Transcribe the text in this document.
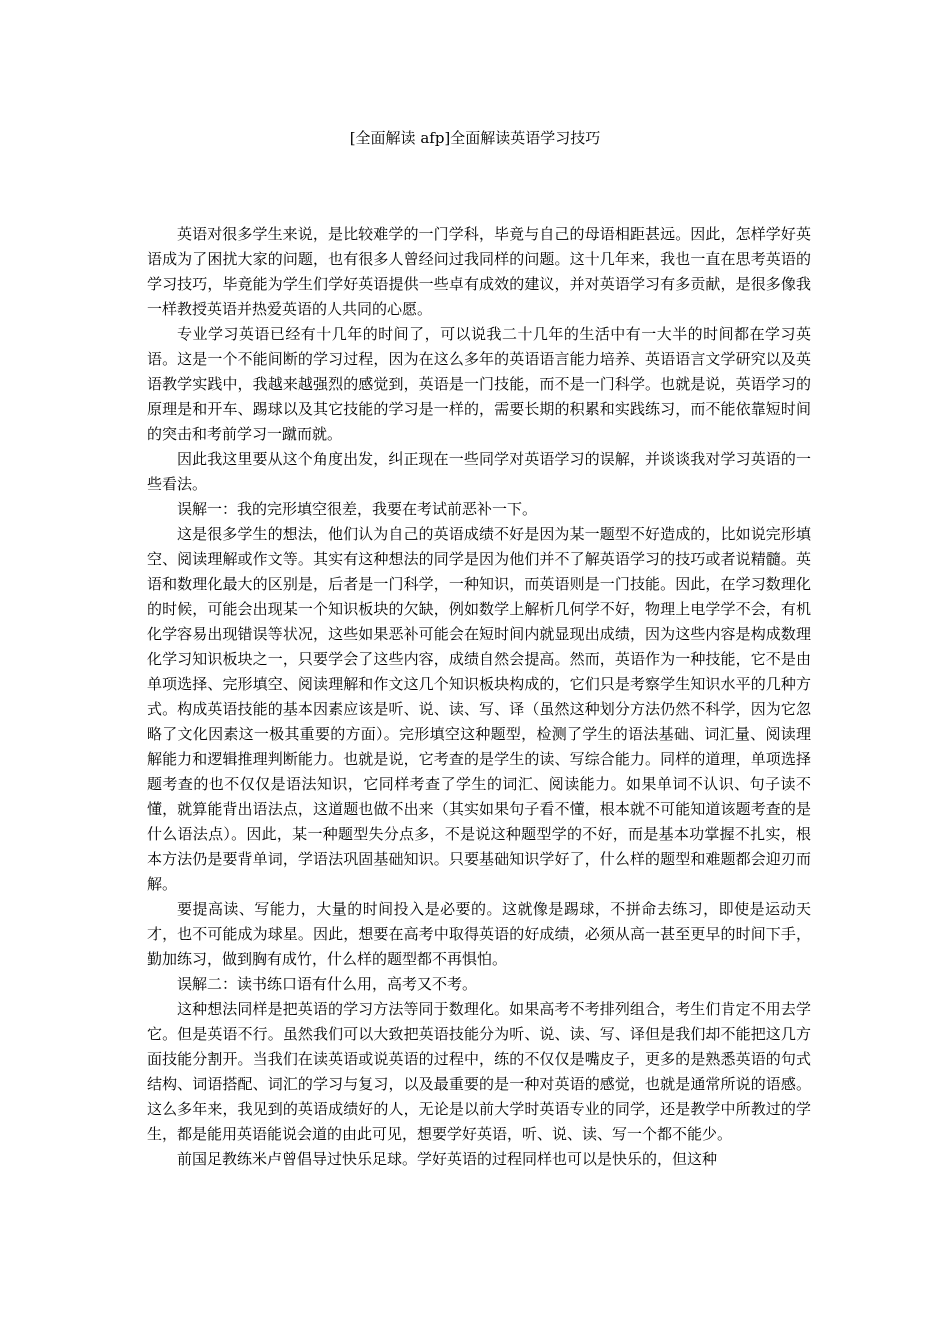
[全面解读 afp]全面解读英语学习技巧

英语对很多学生来说，是比较难学的一门学科，毕竟与自己的母语相距甚远。因此，怎样学好英语成为了困扰大家的问题，也有很多人曾经问过我同样的问题。这十几年来，我也一直在思考英语的学习技巧，毕竟能为学生们学好英语提供一些卓有成效的建议，并对英语学习有多贡献，是很多像我一样教授英语并热爱英语的人共同的心愿。

专业学习英语已经有十几年的时间了，可以说我二十几年的生活中有一大半的时间都在学习英语。这是一个不能间断的学习过程，因为在这么多年的英语语言能力培养、英语语言文学研究以及英语教学实践中，我越来越强烈的感觉到，英语是一门技能，而不是一门科学。也就是说，英语学习的原理是和开车、踢球以及其它技能的学习是一样的，需要长期的积累和实践练习，而不能依靠短时间的突击和考前学习一蹴而就。

因此我这里要从这个角度出发，纠正现在一些同学对英语学习的误解，并谈谈我对学习英语的一些看法。

误解一：我的完形填空很差，我要在考试前恶补一下。

这是很多学生的想法，他们认为自己的英语成绩不好是因为某一题型不好造成的，比如说完形填空、阅读理解或作文等。其实有这种想法的同学是因为他们并不了解英语学习的技巧或者说精髓。英语和数理化最大的区别是，后者是一门科学，一种知识，而英语则是一门技能。因此，在学习数理化的时候，可能会出现某一个知识板块的欠缺，例如数学上解析几何学不好，物理上电学学不会，有机化学容易出现错误等状况，这些如果恶补可能会在短时间内就显现出成绩，因为这些内容是构成数理化学习知识板块之一，只要学会了这些内容，成绩自然会提高。然而，英语作为一种技能，它不是由单项选择、完形填空、阅读理解和作文这几个知识板块构成的，它们只是考察学生知识水平的几种方式。构成英语技能的基本因素应该是听、说、读、写、译（虽然这种划分方法仍然不科学，因为它忽略了文化因素这一极其重要的方面）。完形填空这种题型，检测了学生的语法基础、词汇量、阅读理解能力和逻辑推理判断能力。也就是说，它考查的是学生的读、写综合能力。同样的道理，单项选择题考查的也不仅仅是语法知识，它同样考查了学生的词汇、阅读能力。如果单词不认识、句子读不懂，就算能背出语法点，这道题也做不出来（其实如果句子看不懂，根本就不可能知道该题考查的是什么语法点）。因此，某一种题型失分点多，不是说这种题型学的不好，而是基本功掌握不扎实，根本方法仍是要背单词，学语法巩固基础知识。只要基础知识学好了，什么样的题型和难题都会迎刃而解。

要提高读、写能力，大量的时间投入是必要的。这就像是踢球，不拼命去练习，即使是运动天才，也不可能成为球星。因此，想要在高考中取得英语的好成绩，必须从高一甚至更早的时间下手，勤加练习，做到胸有成竹，什么样的题型都不再惧怕。

误解二：读书练口语有什么用，高考又不考。

这种想法同样是把英语的学习方法等同于数理化。如果高考不考排列组合，考生们肯定不用去学它。但是英语不行。虽然我们可以大致把英语技能分为听、说、读、写、译但是我们却不能把这几方面技能分割开。当我们在读英语或说英语的过程中，练的不仅仅是嘴皮子，更多的是熟悉英语的句式结构、词语搭配、词汇的学习与复习，以及最重要的是一种对英语的感觉，也就是通常所说的语感。这么多年来，我见到的英语成绩好的人，无论是以前大学时英语专业的同学，还是教学中所教过的学生，都是能用英语能说会道的由此可见，想要学好英语，听、说、读、写一个都不能少。

前国足教练米卢曾倡导过快乐足球。学好英语的过程同样也可以是快乐的，但这种
